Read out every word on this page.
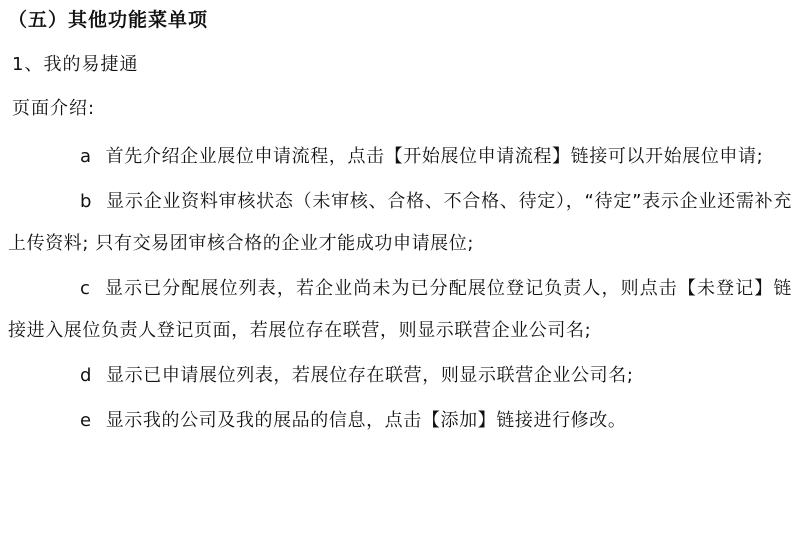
（五）其他功能菜单项
1、我的易捷通
页面介绍:

a 首先介绍企业展位申请流程，点击【开始展位申请流程】链接可以开始展位申请;

b 显示企业资料审核状态（未审核、合格、不合格、待定），“待定”表示企业还需补充上传资料; 只有交易团审核合格的企业才能成功申请展位;

c 显示已分配展位列表，若企业尚未为已分配展位登记负责人，则点击【未登记】链接进入展位负责人登记页面，若展位存在联营，则显示联营企业公司名;

d 显示已申请展位列表，若展位存在联营，则显示联营企业公司名;

e 显示我的公司及我的展品的信息，点击【添加】链接进行修改。
